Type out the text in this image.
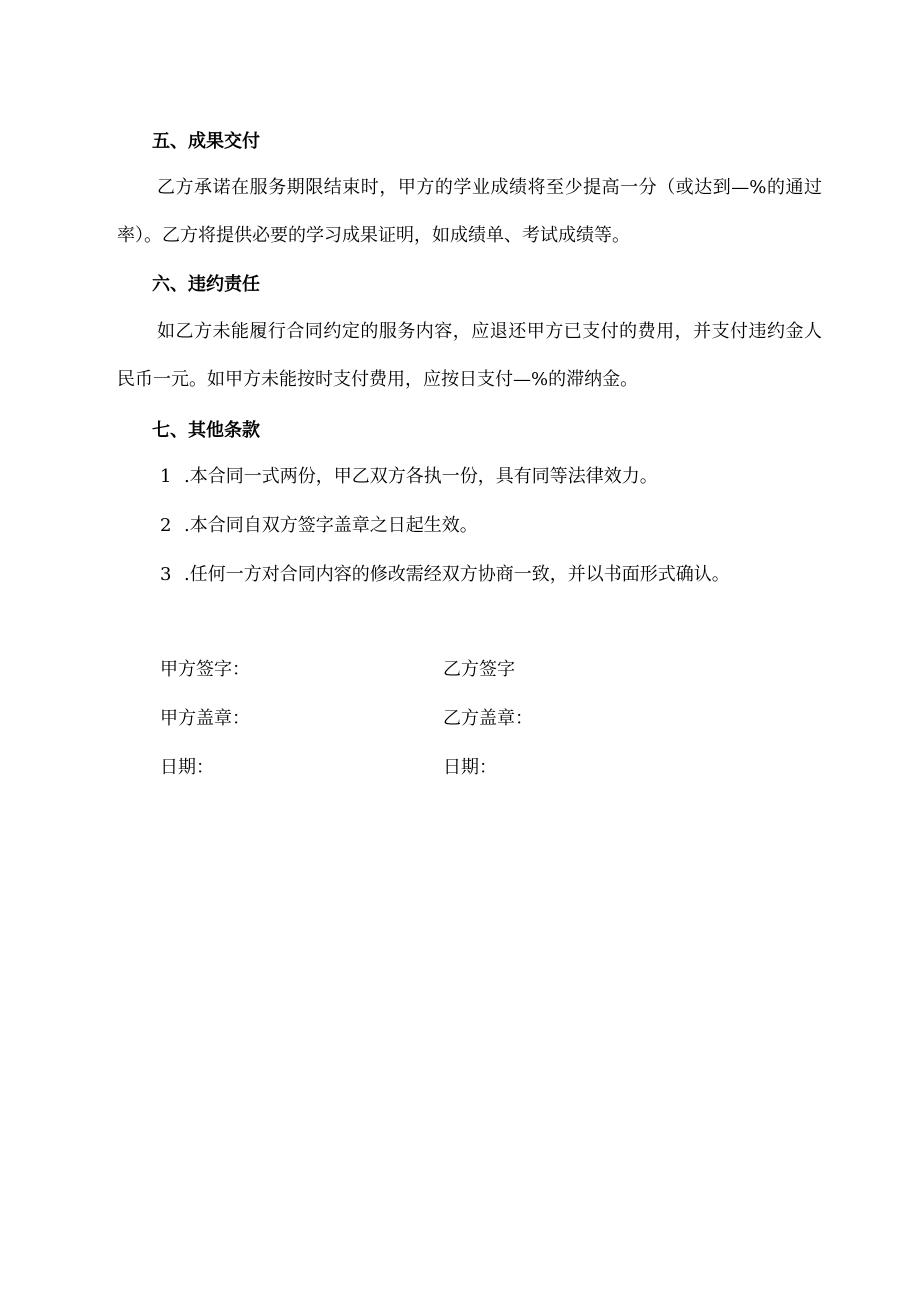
五、成果交付

乙方承诺在服务期限结束时，甲方的学业成绩将至少提高一分（或达到—%的通过率）。乙方将提供必要的学习成果证明，如成绩单、考试成绩等。

六、违约责任

如乙方未能履行合同约定的服务内容，应退还甲方已支付的费用，并支付违约金人民币一元。如甲方未能按时支付费用，应按日支付—%的滞纳金。

七、其他条款
1 .本合同一式两份，甲乙双方各执一份，具有同等法律效力。
2 .本合同自双方签字盖章之日起生效。
3 .任何一方对合同内容的修改需经双方协商一致，并以书面形式确认。
甲方签字：	乙方签字
甲方盖章：	乙方盖章：
日期：	日期：
